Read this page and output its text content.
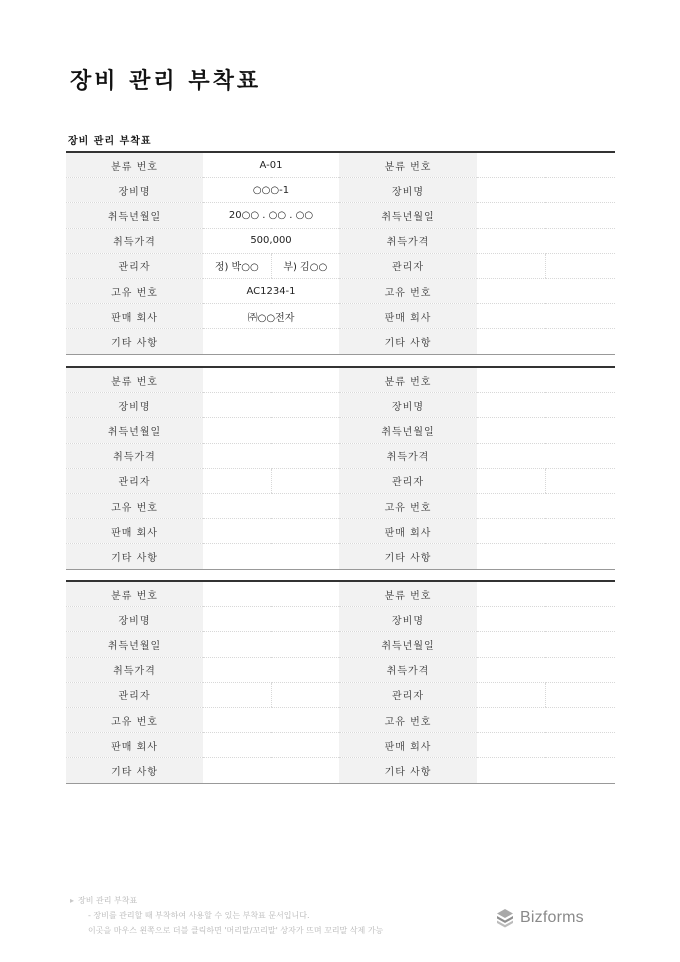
장비 관리 부착표
장비 관리 부착표
분류 번호	A-01		분류 번호		
장비명	○○○-1		장비명		
취득년월일	20○○ . ○○ . ○○		취득년월일		
취득가격	500,000		취득가격		
관리자	정) 박○○	부) 김○○	관리자		
고유 번호	AC1234-1		고유 번호		
판매 회사	㈜○○전자		판매 회사		
기타 사항			기타 사항		
분류 번호			분류 번호		
장비명			장비명		
취득년월일			취득년월일		
취득가격			취득가격		
관리자			관리자		
고유 번호			고유 번호		
판매 회사			판매 회사		
기타 사항			기타 사항		
분류 번호			분류 번호		
장비명			장비명		
취득년월일			취득년월일		
취득가격			취득가격		
관리자			관리자		
고유 번호			고유 번호		
판매 회사			판매 회사		
기타 사항			기타 사항		
▸ 장비 관리 부착표
- 장비를 관리할 때 부착하여 사용할 수 있는 부착표 문서입니다.
이곳을 마우스 왼쪽으로 더블 클릭하면 '머리말/꼬리말' 상자가 뜨며 꼬리말 삭제 가능
Bizforms
